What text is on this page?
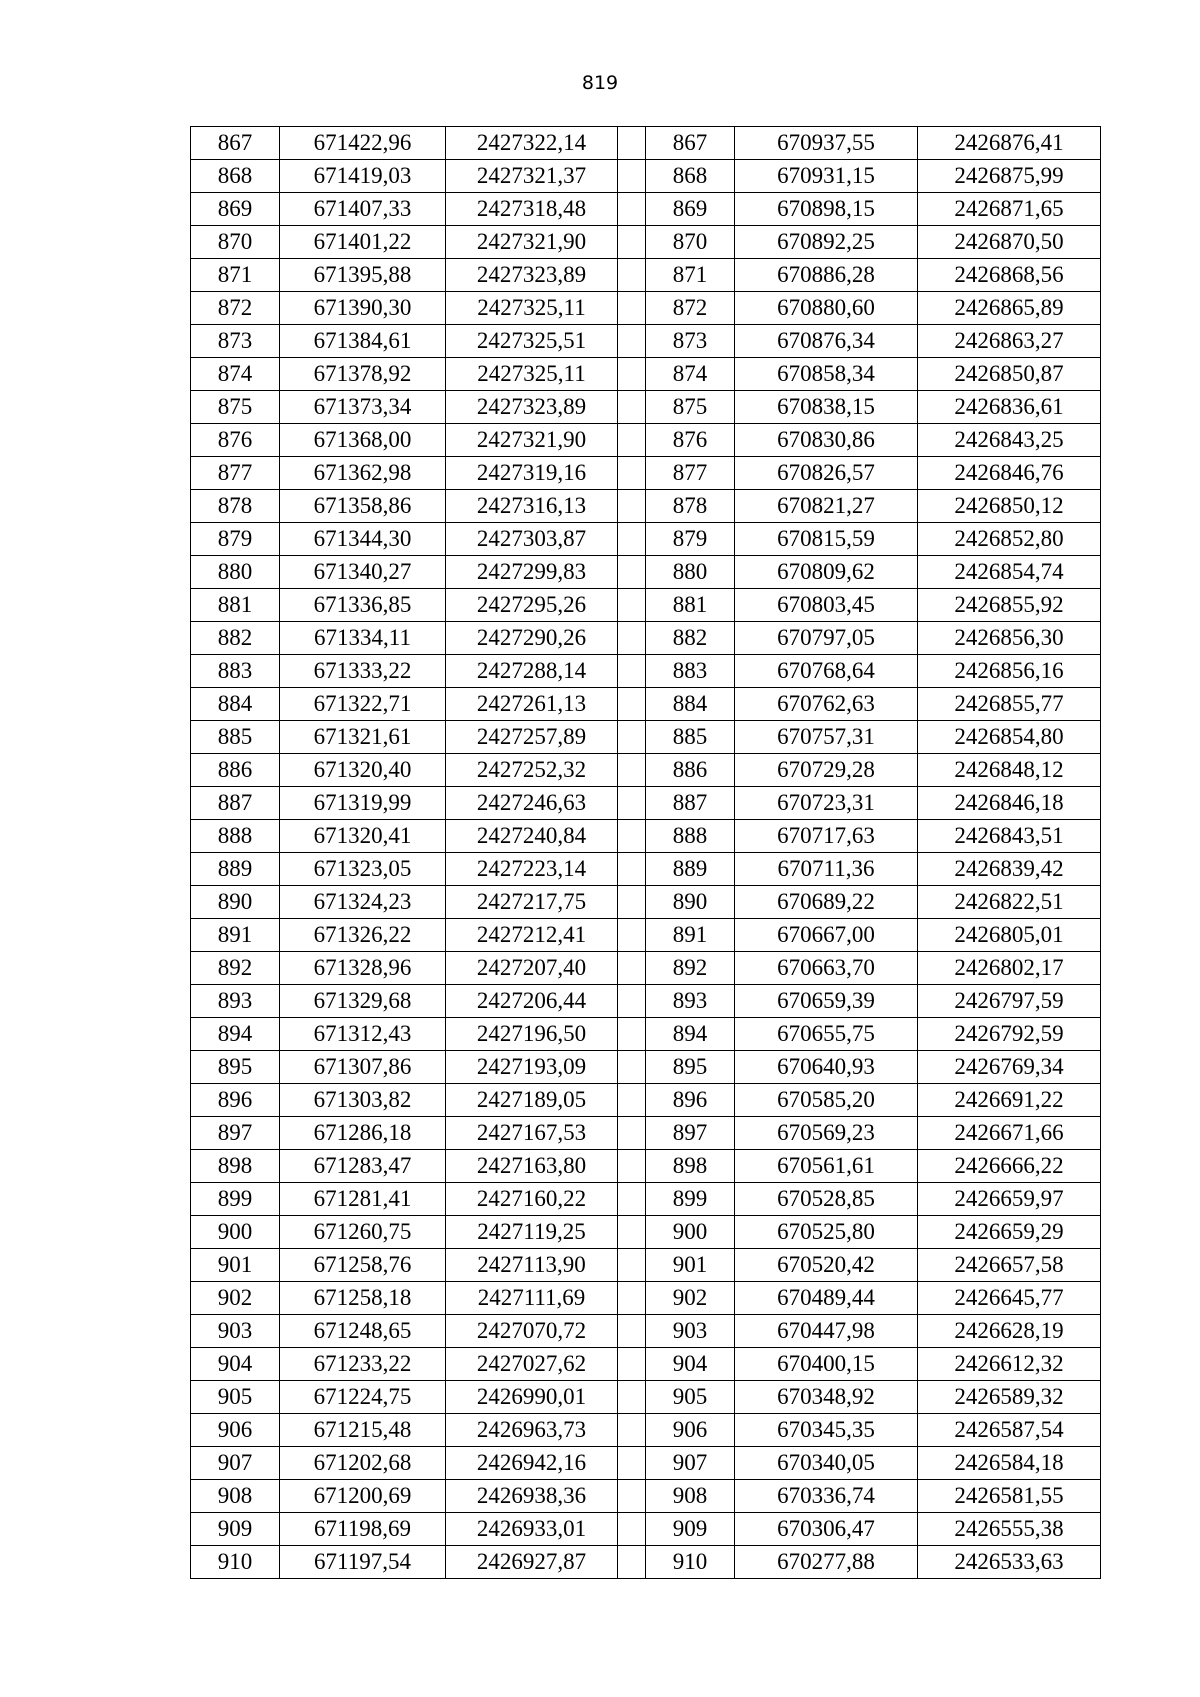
819
867	671422,96	2427322,14		867	670937,55	2426876,41
868	671419,03	2427321,37		868	670931,15	2426875,99
869	671407,33	2427318,48		869	670898,15	2426871,65
870	671401,22	2427321,90		870	670892,25	2426870,50
871	671395,88	2427323,89		871	670886,28	2426868,56
872	671390,30	2427325,11		872	670880,60	2426865,89
873	671384,61	2427325,51		873	670876,34	2426863,27
874	671378,92	2427325,11		874	670858,34	2426850,87
875	671373,34	2427323,89		875	670838,15	2426836,61
876	671368,00	2427321,90		876	670830,86	2426843,25
877	671362,98	2427319,16		877	670826,57	2426846,76
878	671358,86	2427316,13		878	670821,27	2426850,12
879	671344,30	2427303,87		879	670815,59	2426852,80
880	671340,27	2427299,83		880	670809,62	2426854,74
881	671336,85	2427295,26		881	670803,45	2426855,92
882	671334,11	2427290,26		882	670797,05	2426856,30
883	671333,22	2427288,14		883	670768,64	2426856,16
884	671322,71	2427261,13		884	670762,63	2426855,77
885	671321,61	2427257,89		885	670757,31	2426854,80
886	671320,40	2427252,32		886	670729,28	2426848,12
887	671319,99	2427246,63		887	670723,31	2426846,18
888	671320,41	2427240,84		888	670717,63	2426843,51
889	671323,05	2427223,14		889	670711,36	2426839,42
890	671324,23	2427217,75		890	670689,22	2426822,51
891	671326,22	2427212,41		891	670667,00	2426805,01
892	671328,96	2427207,40		892	670663,70	2426802,17
893	671329,68	2427206,44		893	670659,39	2426797,59
894	671312,43	2427196,50		894	670655,75	2426792,59
895	671307,86	2427193,09		895	670640,93	2426769,34
896	671303,82	2427189,05		896	670585,20	2426691,22
897	671286,18	2427167,53		897	670569,23	2426671,66
898	671283,47	2427163,80		898	670561,61	2426666,22
899	671281,41	2427160,22		899	670528,85	2426659,97
900	671260,75	2427119,25		900	670525,80	2426659,29
901	671258,76	2427113,90		901	670520,42	2426657,58
902	671258,18	2427111,69		902	670489,44	2426645,77
903	671248,65	2427070,72		903	670447,98	2426628,19
904	671233,22	2427027,62		904	670400,15	2426612,32
905	671224,75	2426990,01		905	670348,92	2426589,32
906	671215,48	2426963,73		906	670345,35	2426587,54
907	671202,68	2426942,16		907	670340,05	2426584,18
908	671200,69	2426938,36		908	670336,74	2426581,55
909	671198,69	2426933,01		909	670306,47	2426555,38
910	671197,54	2426927,87		910	670277,88	2426533,63
